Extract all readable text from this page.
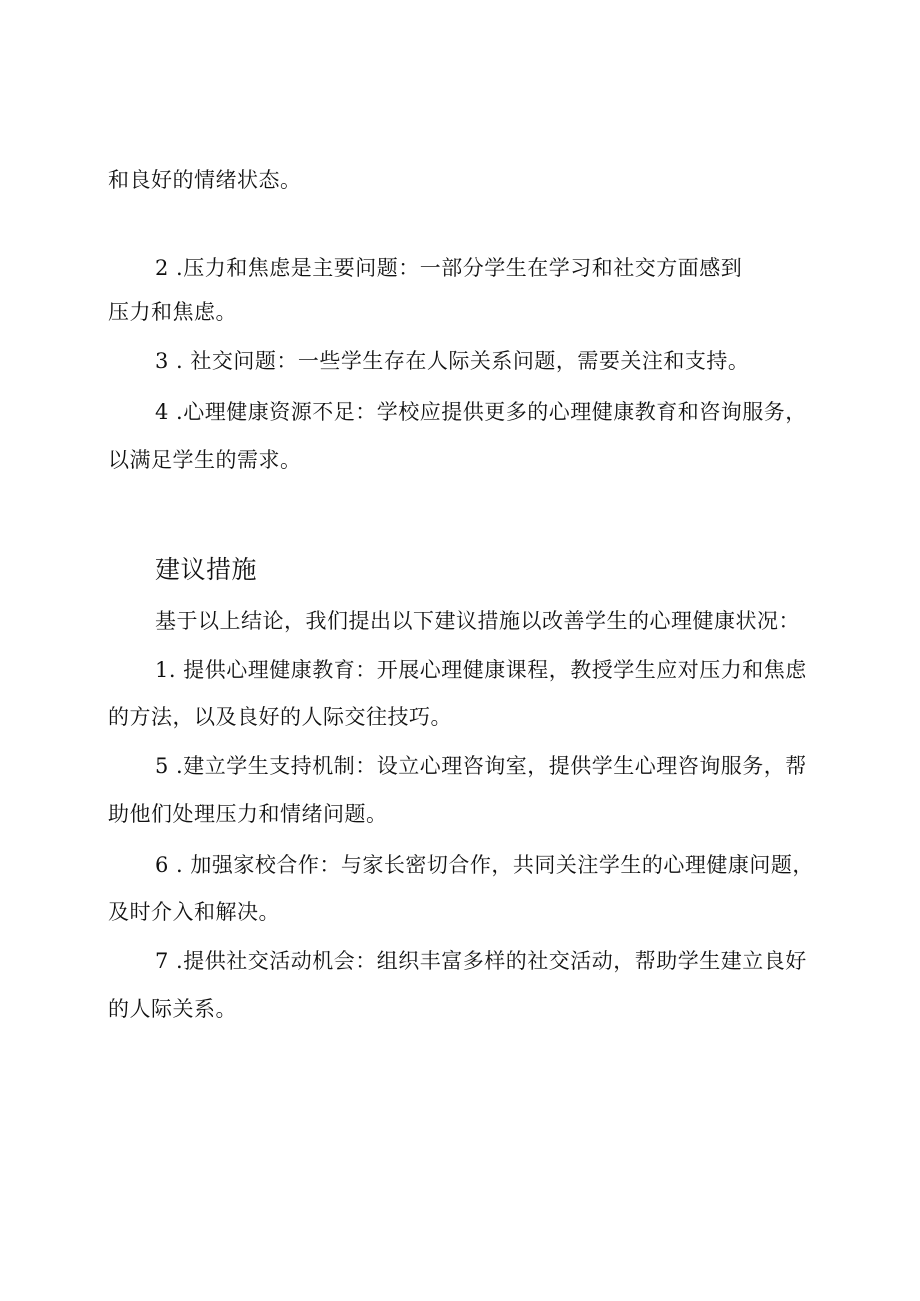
和良好的情绪状态。

2 .压力和焦虑是主要问题：一部分学生在学习和社交方面感到

压力和焦虑。

3 . 社交问题：一些学生存在人际关系问题，需要关注和支持。

4 .心理健康资源不足：学校应提供更多的心理健康教育和咨询服务，

以满足学生的需求。

建议措施

基于以上结论，我们提出以下建议措施以改善学生的心理健康状况：

1. 提供心理健康教育：开展心理健康课程，教授学生应对压力和焦虑

的方法，以及良好的人际交往技巧。

5 .建立学生支持机制：设立心理咨询室，提供学生心理咨询服务，帮

助他们处理压力和情绪问题。

6 . 加强家校合作：与家长密切合作，共同关注学生的心理健康问题，

及时介入和解决。

7 .提供社交活动机会：组织丰富多样的社交活动，帮助学生建立良好

的人际关系。
